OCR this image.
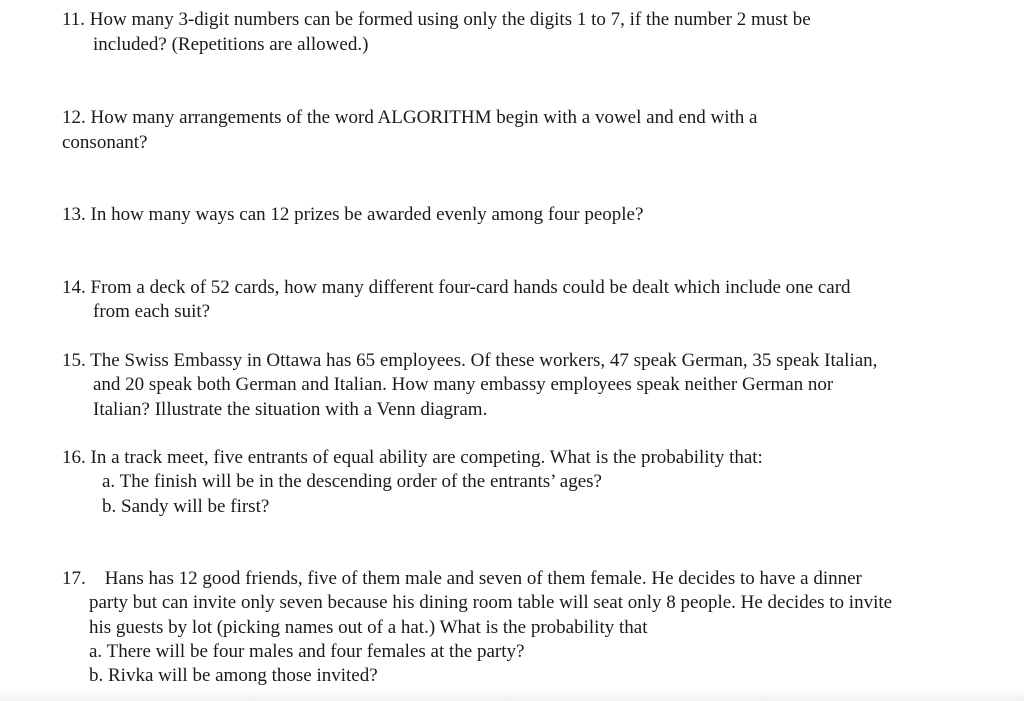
11. How many 3-digit numbers can be formed using only the digits 1 to 7, if the number 2 must be
included? (Repetitions are allowed.)
12. How many arrangements of the word ALGORITHM begin with a vowel and end with a
consonant?
13. In how many ways can 12 prizes be awarded evenly among four people?
14. From a deck of 52 cards, how many different four-card hands could be dealt which include one card
from each suit?
15. The Swiss Embassy in Ottawa has 65 employees. Of these workers, 47 speak German, 35 speak Italian,
and 20 speak both German and Italian. How many embassy employees speak neither German nor
Italian? Illustrate the situation with a Venn diagram.
16. In a track meet, five entrants of equal ability are competing. What is the probability that:
a. The finish will be in the descending order of the entrants’ ages?
b. Sandy will be first?
17.    Hans has 12 good friends, five of them male and seven of them female. He decides to have a dinner
party but can invite only seven because his dining room table will seat only 8 people. He decides to invite
his guests by lot (picking names out of a hat.) What is the probability that
a. There will be four males and four females at the party?
b. Rivka will be among those invited?
